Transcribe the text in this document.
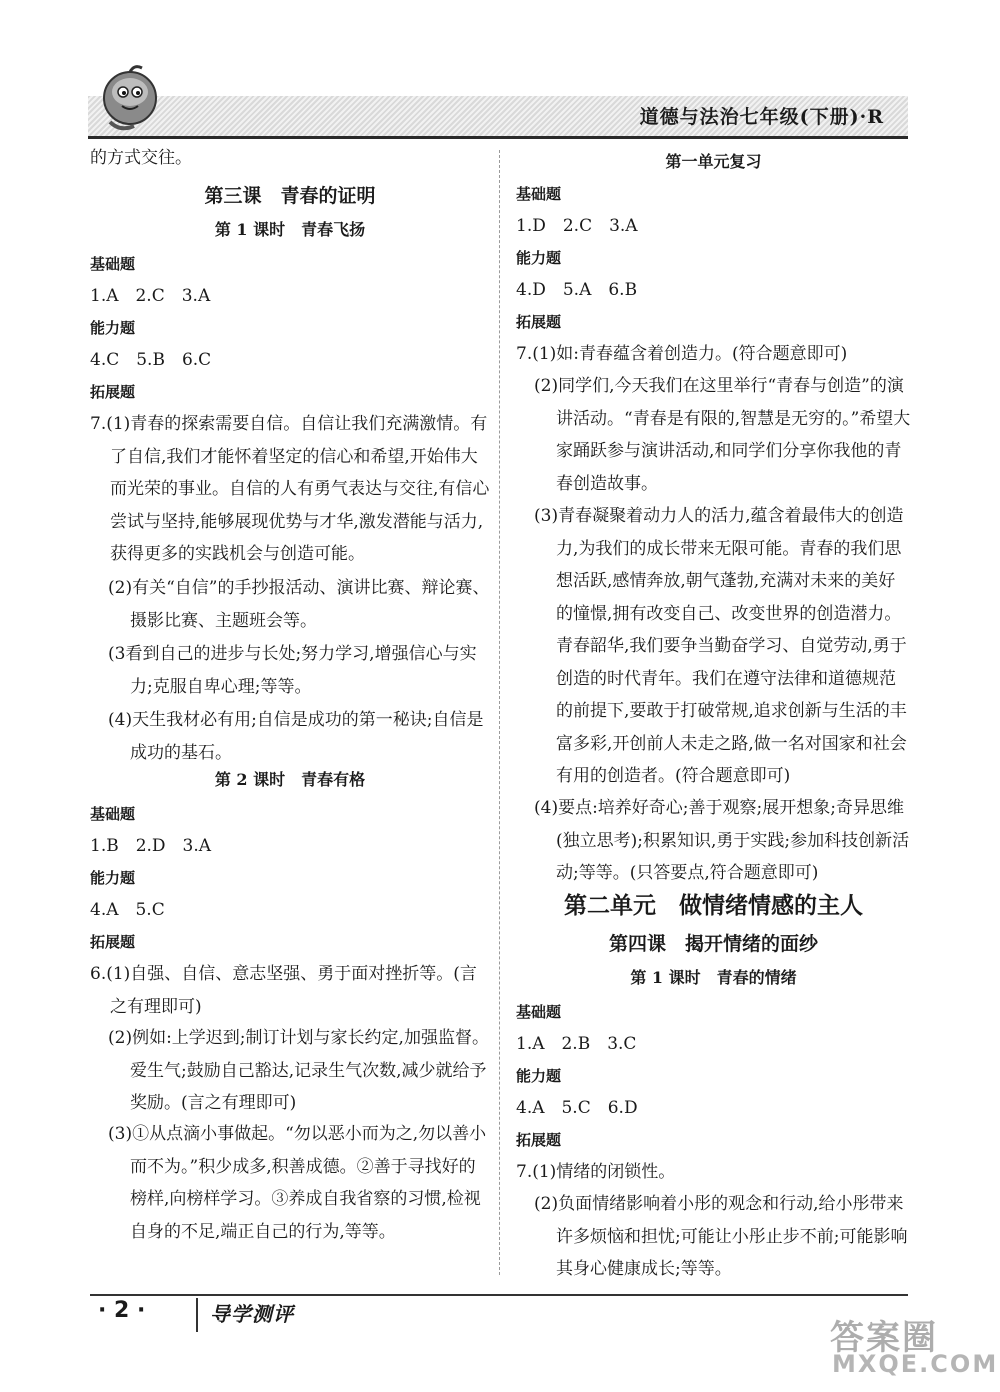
道德与法治七年级(下册)·R
的方式交往。
第三课　青春的证明
第 1 课时　青春飞扬
基础题
1.A　2.C　3.A
能力题
4.C　5.B　6.C
拓展题
7.(1)青春的探索需要自信。自信让我们充满激情。有了自信,我们才能怀着坚定的信心和希望,开始伟大而光荣的事业。自信的人有勇气表达与交往,有信心尝试与坚持,能够展现优势与才华,激发潜能与活力,获得更多的实践机会与创造可能。
(2)有关“自信”的手抄报活动、演讲比赛、辩论赛、摄影比赛、主题班会等。
(3看到自己的进步与长处;努力学习,增强信心与实力;克服自卑心理;等等。
(4)天生我材必有用;自信是成功的第一秘诀;自信是成功的基石。
第 2 课时　青春有格
基础题
1.B　2.D　3.A
能力题
4.A　5.C
拓展题
6.(1)自强、自信、意志坚强、勇于面对挫折等。(言之有理即可)
(2)例如:上学迟到;制订计划与家长约定,加强监督。爱生气;鼓励自己豁达,记录生气次数,减少就给予奖励。(言之有理即可)
(3)①从点滴小事做起。“勿以恶小而为之,勿以善小而不为。”积少成多,积善成德。②善于寻找好的榜样,向榜样学习。③养成自我省察的习惯,检视自身的不足,端正自己的行为,等等。
第一单元复习
基础题
1.D　2.C　3.A
能力题
4.D　5.A　6.B
拓展题
7.(1)如:青春蕴含着创造力。(符合题意即可)
(2)同学们,今天我们在这里举行“青春与创造”的演讲活动。“青春是有限的,智慧是无穷的。”希望大家踊跃参与演讲活动,和同学们分享你我他的青春创造故事。
(3)青春凝聚着动力人的活力,蕴含着最伟大的创造力,为我们的成长带来无限可能。青春的我们思想活跃,感情奔放,朝气蓬勃,充满对未来的美好的憧憬,拥有改变自己、改变世界的创造潜力。青春韶华,我们要争当勤奋学习、自觉劳动,勇于创造的时代青年。我们在遵守法律和道德规范的前提下,要敢于打破常规,追求创新与生活的丰富多彩,开创前人未走之路,做一名对国家和社会有用的创造者。(符合题意即可)
(4)要点:培养好奇心;善于观察;展开想象;奇异思维(独立思考);积累知识,勇于实践;参加科技创新活动;等等。(只答要点,符合题意即可)
第二单元　做情绪情感的主人
第四课　揭开情绪的面纱
第 1 课时　青春的情绪
基础题
1.A　2.B　3.C
能力题
4.A　5.C　6.D
拓展题
7.(1)情绪的闭锁性。
(2)负面情绪影响着小彤的观念和行动,给小彤带来许多烦恼和担忧;可能让小彤止步不前;可能影响其身心健康成长;等等。
· 2 ·	导学测评
答案圈
MXQE.COM
